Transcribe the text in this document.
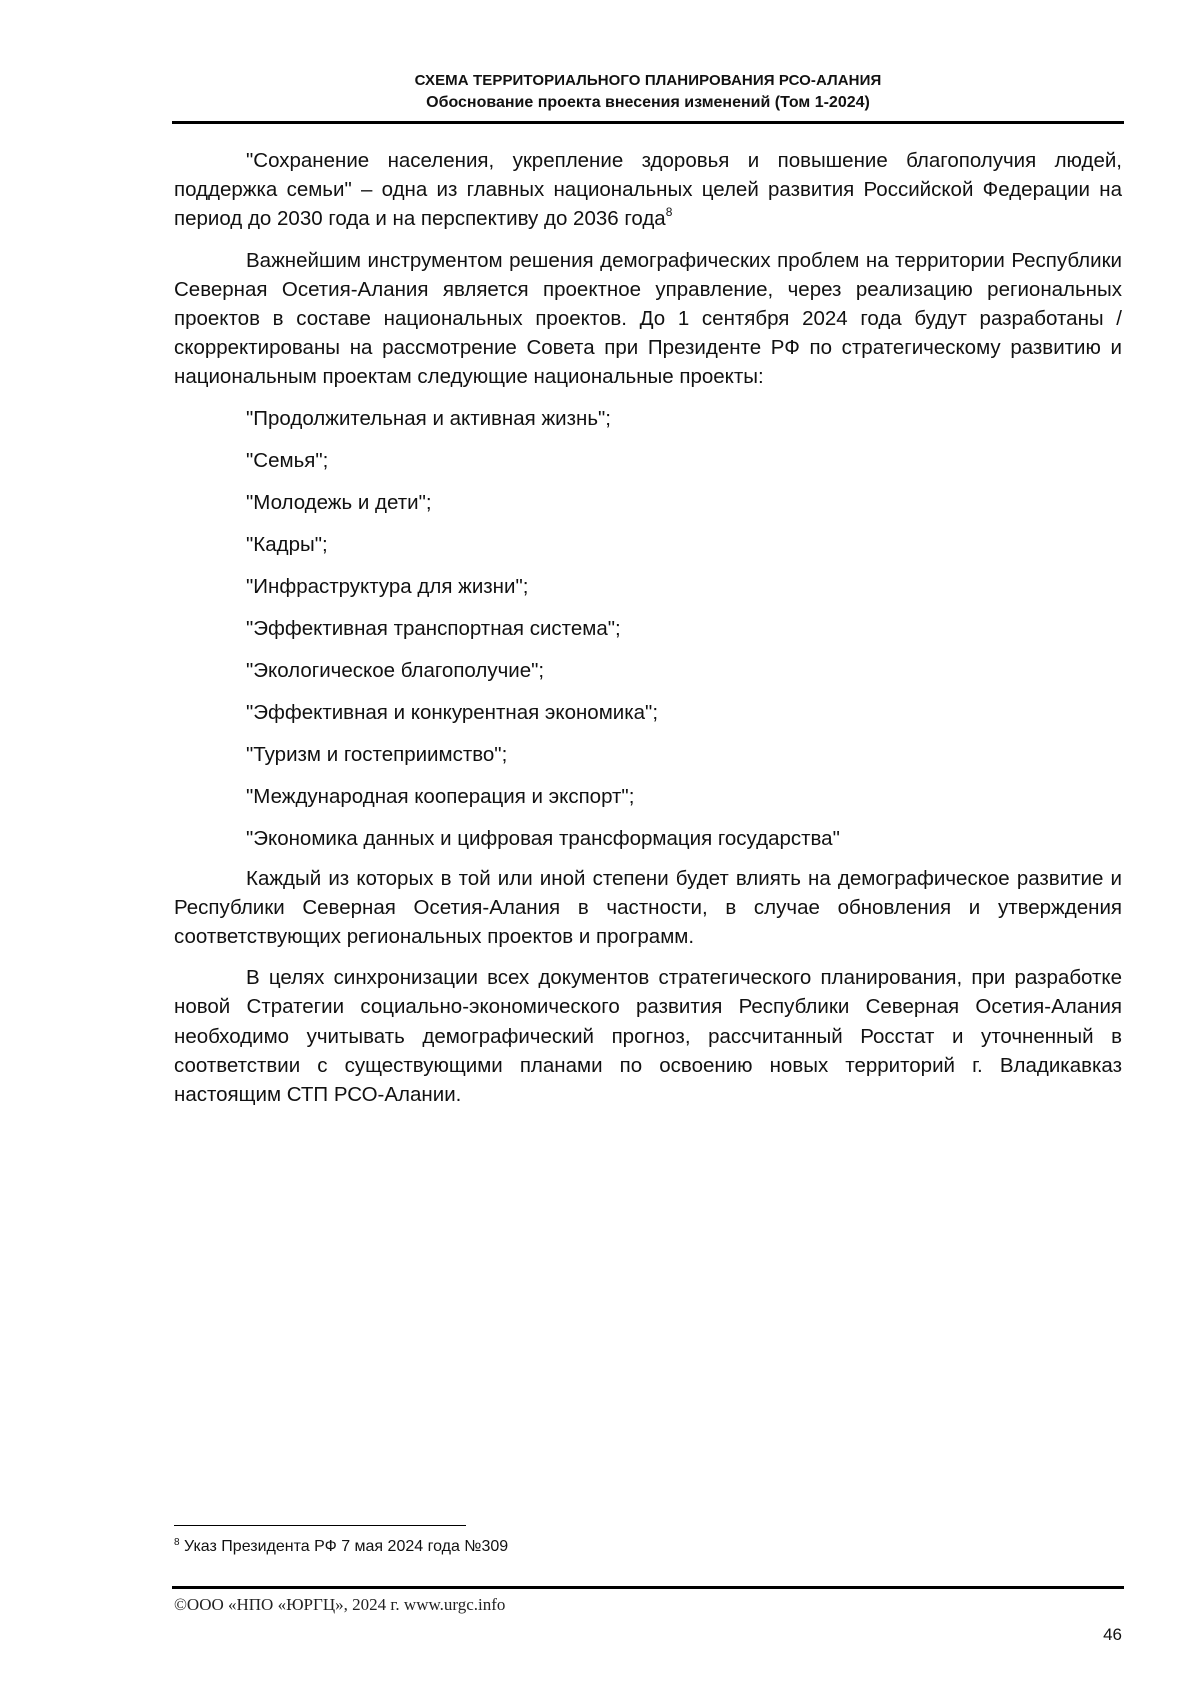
СХЕМА ТЕРРИТОРИАЛЬНОГО ПЛАНИРОВАНИЯ РСО-АЛАНИЯ
Обоснование проекта внесения изменений (Том 1-2024)

"Сохранение населения, укрепление здоровья и повышение благополучия людей, поддержка семьи" – одна из главных национальных целей развития Российской Федерации на период до 2030 года и на перспективу до 2036 года$^8$

Важнейшим инструментом решения демографических проблем на территории Республики Северная Осетия-Алания является проектное управление, через реализацию региональных проектов в составе национальных проектов. До 1 сентября 2024 года будут разработаны / скорректированы на рассмотрение Совета при Президенте РФ по стратегическому развитию и национальным проектам следующие национальные проекты:

"Продолжительная и активная жизнь";
"Семья";
"Молодежь и дети";
"Кадры";
"Инфраструктура для жизни";
"Эффективная транспортная система";
"Экологическое благополучие";
"Эффективная и конкурентная экономика";
"Туризм и гостеприимство";
"Международная кооперация и экспорт";
"Экономика данных и цифровая трансформация государства"

Каждый из которых в той или иной степени будет влиять на демографическое развитие и Республики Северная Осетия-Алания в частности, в случае обновления и утверждения соответствующих региональных проектов и программ.

В целях синхронизации всех документов стратегического планирования, при разработке новой Стратегии социально-экономического развития Республики Северная Осетия-Алания необходимо учитывать демографический прогноз, рассчитанный Росстат и уточненный в соответствии с существующими планами по освоению новых территорий г. Владикавказ настоящим СТП РСО-Алании.

$^8$ Указ Президента РФ 7 мая 2024 года №309
©ООО «НПО «ЮРГЦ», 2024 г. www.urgc.info
46
